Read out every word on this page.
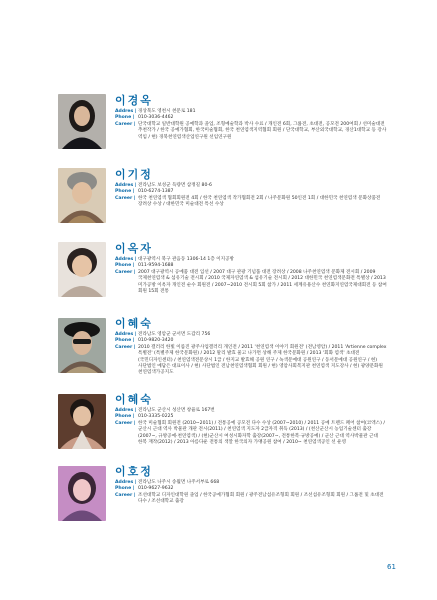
이경옥
Addres | 경상북도 영천시 천문로 181
Phone | 010-3036-4462
Career | 단국대학교 일반대학원 공예학과 졸업, 조형예술학과 박사 수료 / 개인전 6회, 그룹전, 초대전, 공모전 200여회 / 선미술대전 추천작가 / 한국 공예가협회, 한국미술협회, 한국 천연염색지역협회 회원 / 단국대학교, 부산외국대학교, 경산1대학교 등 강사 역임 / 현) 경북천연염색산업연구원 선임연구원
이기정
Addres | 전라남도 보성군 득량면 삼정길 80-6
Phone | 010-6274-1387
Career | 한국 천연염색 협회회원전 4회 / 한국 천연염색 작가협회전 2회 / 나주문화원 50인전 1회 / 대한민국 천연염색 문화상품전 장려상 수상 / 대한민국 미술대전 특선 수상
이옥자
Addres | 대구광역시 북구 관음동 1306-14 1층 이지공방
Phone | 011-9594-1688
Career | 2007 대구광역시 공예품 대전 입선 / 2007 대구 관광 기념품 대전 장려상 / 2008 나주천연염색 문화제 전시회 / 2009 국제천연염색 & 섬유기술 전시회 / 2010 국제자연염색 & 섬유기술 전시회 / 2012 대한민국 천연염색문화전 특별상 / 2013 미가공방 이옥자 개인전 순수 회원전 / 2007~2010 전시회 5회 참가 / 2011 세계유용산수 천연화지연염국제대회전 등 참여 회원 15회 전통
이혜숙
Addres | 전라남도 영암군 군서면 도갑리 756
Phone | 010-9820-3420
Career | 2010 갤러리 한빛 이롭진 광주사업갤러리 개인전 / 2011 '천연염색 이야기 회원전' (전남영암) / 2011 'Artienne complex 특별전' (특별주제 한국문화원) / 2012 말리 발효 물고 나가면 상해 주제 한국문화원 / 2013 '회화 염색' 초대전 (국민디자인센터) / 천연염색전문상시 1급 / 한지교 발효해 공원 연구 / 녹색문예대 공원연구 / 동서문예대 공원연구 / 현) 사단법인 예담은 대표이사 / 현) 사단법인 전남천연염색협회 회원 / 현) 영암사회복지관 천연염색 지도강사 / 현) 광양문화원 천연염색가공지도
이혜숙
Addres | 전라남도 군산시 성산면 창율로 167번
Phone | 010-3335-0225
Career | 한국 미술협회 회원전 (2010~2011) / 전통공예 공모전 다수 수상 (2007~2010) / 2011 공예 트렌드 페어 참여(코엑스) / 군산시 근대 역사 박물관 개관 전시(2011) / 천연염색 지도자 2급자격 취득 (2013) / (천산군산시 농업기술센터 출강(2007~, 규방공예·천연염색) / (현)군산시 여성시화자학 출강(2007~, 전통한복·규방공예) / 군산 근대 역사박물관 근대 한복 재작(2012) / 2013 아름다운 전통의 색깔 한국의자 가맹공원 참여 / 2010~ 천연염색공인 선 운영
이호정
Addres | 전라남도 나주시 송월면 나주서부로 668
Phone | 010-9627-9632
Career | 조선대학교 디자인대학원 졸업 / 한국공예가협회 회원 / 광주전남섬유조형회 회원 / 조선섬유조형회 회원 / 그룹전 및 초대전 다수 / 조선대학교 출강
61
